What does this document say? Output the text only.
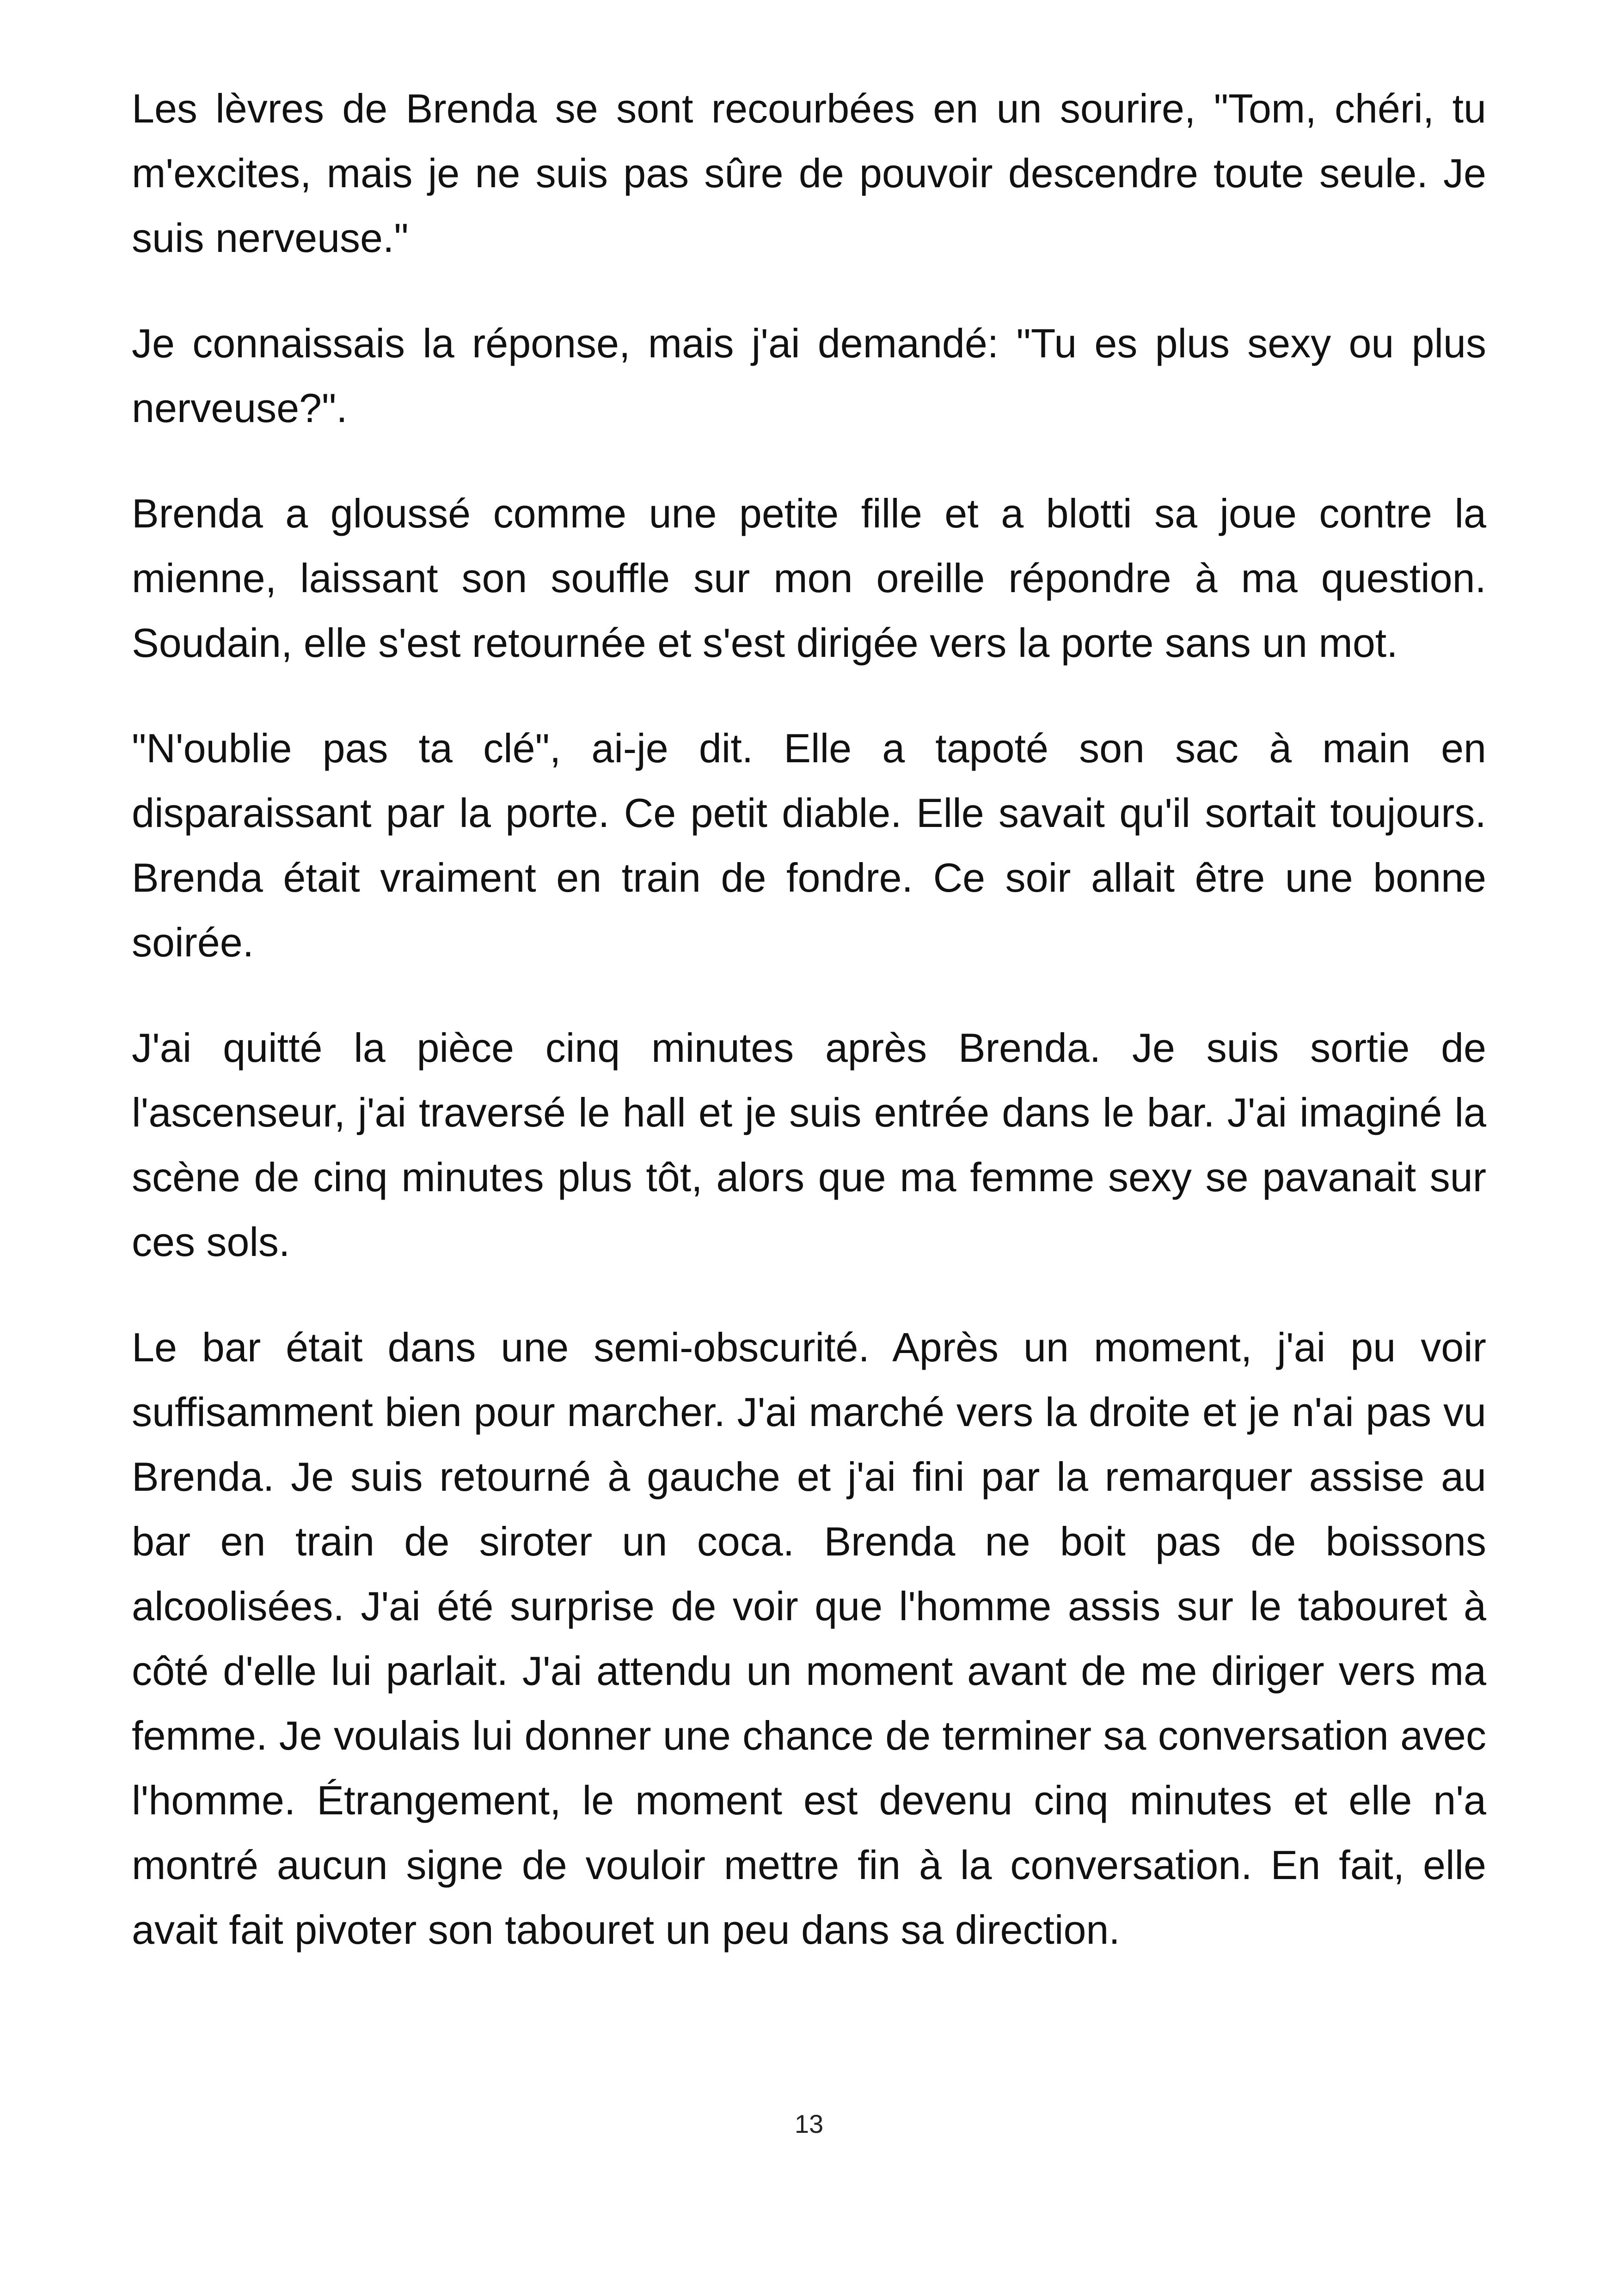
Les lèvres de Brenda se sont recourbées en un sourire, "Tom, chéri, tu m'excites, mais je ne suis pas sûre de pouvoir descendre toute seule. Je suis nerveuse."

Je connaissais la réponse, mais j'ai demandé: "Tu es plus sexy ou plus nerveuse?".

Brenda a gloussé comme une petite fille et a blotti sa joue contre la mienne, laissant son souffle sur mon oreille répondre à ma question. Soudain, elle s'est retournée et s'est dirigée vers la porte sans un mot.

"N'oublie pas ta clé", ai-je dit. Elle a tapoté son sac à main en disparaissant par la porte. Ce petit diable. Elle savait qu'il sortait toujours. Brenda était vraiment en train de fondre. Ce soir allait être une bonne soirée.

J'ai quitté la pièce cinq minutes après Brenda. Je suis sortie de l'ascenseur, j'ai traversé le hall et je suis entrée dans le bar. J'ai imaginé la scène de cinq minutes plus tôt, alors que ma femme sexy se pavanait sur ces sols.

Le bar était dans une semi-obscurité. Après un moment, j'ai pu voir suffisamment bien pour marcher. J'ai marché vers la droite et je n'ai pas vu Brenda. Je suis retourné à gauche et j'ai fini par la remarquer assise au bar en train de siroter un coca. Brenda ne boit pas de boissons alcoolisées. J'ai été surprise de voir que l'homme assis sur le tabouret à côté d'elle lui parlait. J'ai attendu un moment avant de me diriger vers ma femme. Je voulais lui donner une chance de terminer sa conversation avec l'homme. Étrangement, le moment est devenu cinq minutes et elle n'a montré aucun signe de vouloir mettre fin à la conversation. En fait, elle avait fait pivoter son tabouret un peu dans sa direction.

13
